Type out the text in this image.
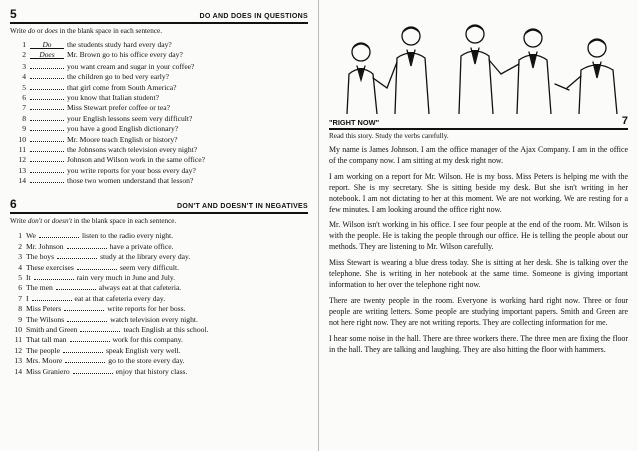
5	DO AND DOES IN QUESTIONS
Write do or does in the blank space in each sentence.
1 Do the students study hard every day?
2 Does Mr. Brown go to his office every day?
3	you want cream and sugar in your coffee?
4	the children go to bed very early?
5	that girl come from South America?
6	you know that Italian student?
7	Miss Stewart prefer coffee or tea?
8	your English lessons seem very difficult?
9	you have a good English dictionary?
10	Mr. Moore teach English or history?
11	the Johnsons watch television every night?
12	Johnson and Wilson work in the same office?
13	you write reports for your boss every day?
14	those two women understand that lesson?
6	DON'T AND DOESN'T IN NEGATIVES
Write don't or doesn't in the blank space in each sentence.
1 We	listen to the radio every night.
2 Mr. Johnson	have a private office.
3 The boys	study at the library every day.
4 These exercises	seem very difficult.
5 It	rain very much in June and July.
6 The men	always eat at that cafeteria.
7 I	eat at that cafeteria every day.
8 Miss Peters	write reports for her boss.
9 The Wilsons	watch television every night.
10 Smith and Green	teach English at this school.
11 That tall man	work for this company.
12 The people	speak English very well.
13 Mrs. Moore	go to the store every day.
14 Miss Graniero	enjoy that history class.
"RIGHT NOW"	7
Read this story. Study the verbs carefully.

My name is James Johnson. I am the office manager of the Ajax Company. I am in the office of the company now. I am sitting at my desk right now.

I am working on a report for Mr. Wilson. He is my boss. Miss Peters is helping me with the report. She is my secretary. She is sitting beside my desk. But she isn't writing in her notebook. I am not dictating to her at this moment. We are not working. We are resting for a few minutes. I am looking around the office right now.

Mr. Wilson isn't working in his office. I see four people at the end of the room. Mr. Wilson is with the people. He is taking the people through our office. He is telling the people about our methods. They are listening to Mr. Wilson carefully.

Miss Stewart is wearing a blue dress today. She is sitting at her desk. She is talking over the telephone. She is writing in her notebook at the same time. Someone is giving important information to her over the telephone right now.

There are twenty people in the room. Everyone is working hard right now. Three or four people are writing letters. Some people are studying important papers. Smith and Green are not here right now. They are not writing reports. They are collecting information for me.

I hear some noise in the hall. There are three workers there. The three men are fixing the floor in the hall. They are talking and laughing. They are also hitting the floor with hammers.
